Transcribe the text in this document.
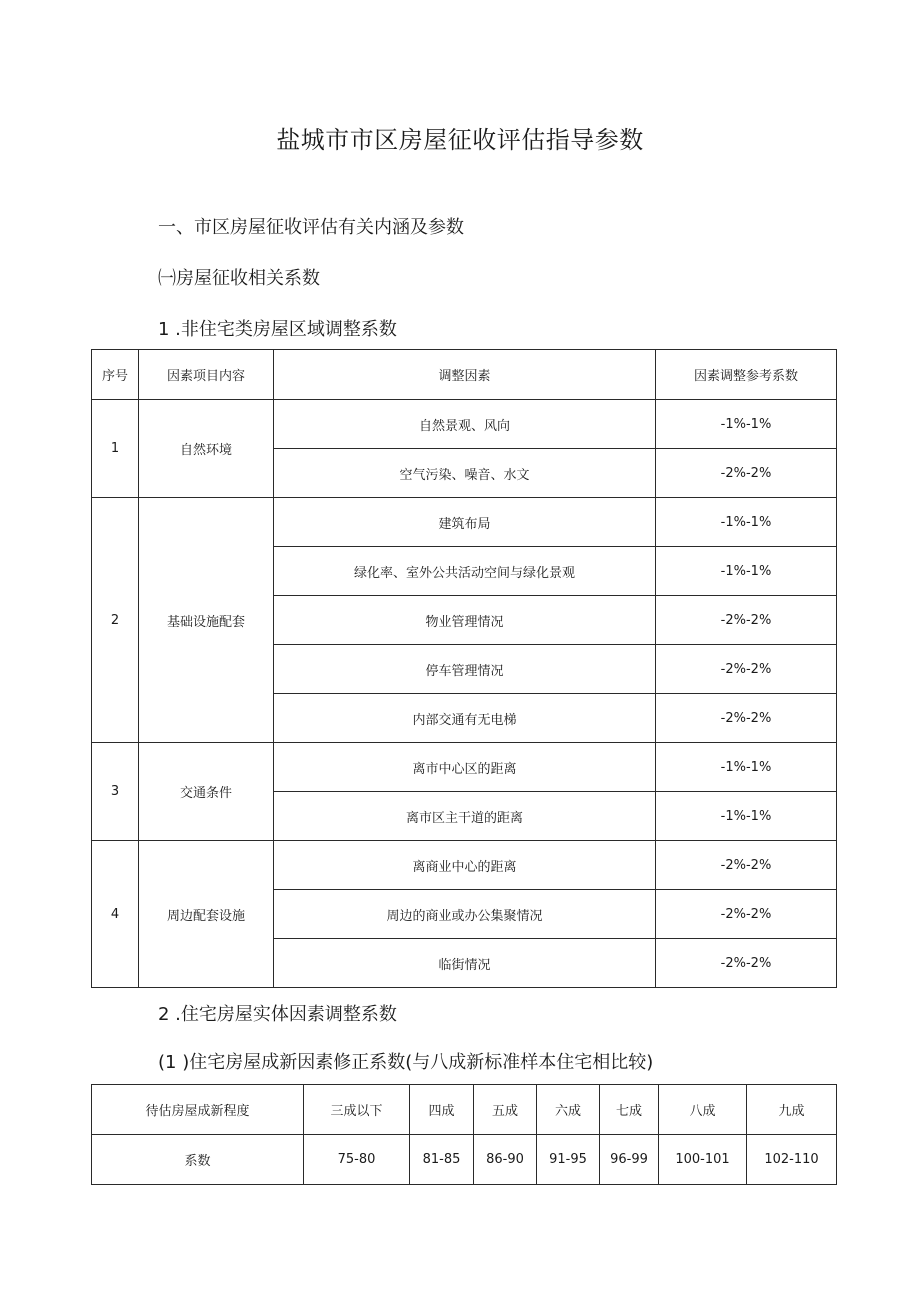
盐城市市区房屋征收评估指导参数
一、市区房屋征收评估有关内涵及参数
㈠房屋征收相关系数
1 .非住宅类房屋区域调整系数
序号	因素项目内容	调整因素	因素调整参考系数
1	自然环境	自然景观、风向	-1%-1%
		空气污染、噪音、水文	-2%-2%
2	基础设施配套	建筑布局	-1%-1%
		绿化率、室外公共活动空间与绿化景观	-1%-1%
		物业管理情况	-2%-2%
		停车管理情况	-2%-2%
		内部交通有无电梯	-2%-2%
3	交通条件	离市中心区的距离	-1%-1%
		离市区主干道的距离	-1%-1%
4	周边配套设施	离商业中心的距离	-2%-2%
		周边的商业或办公集聚情况	-2%-2%
		临街情况	-2%-2%
2 .住宅房屋实体因素调整系数
(1 )住宅房屋成新因素修正系数(与八成新标准样本住宅相比较)
待估房屋成新程度	三成以下	四成	五成	六成	七成	八成	九成
系数	75-80	81-85	86-90	91-95	96-99	100-101	102-110
